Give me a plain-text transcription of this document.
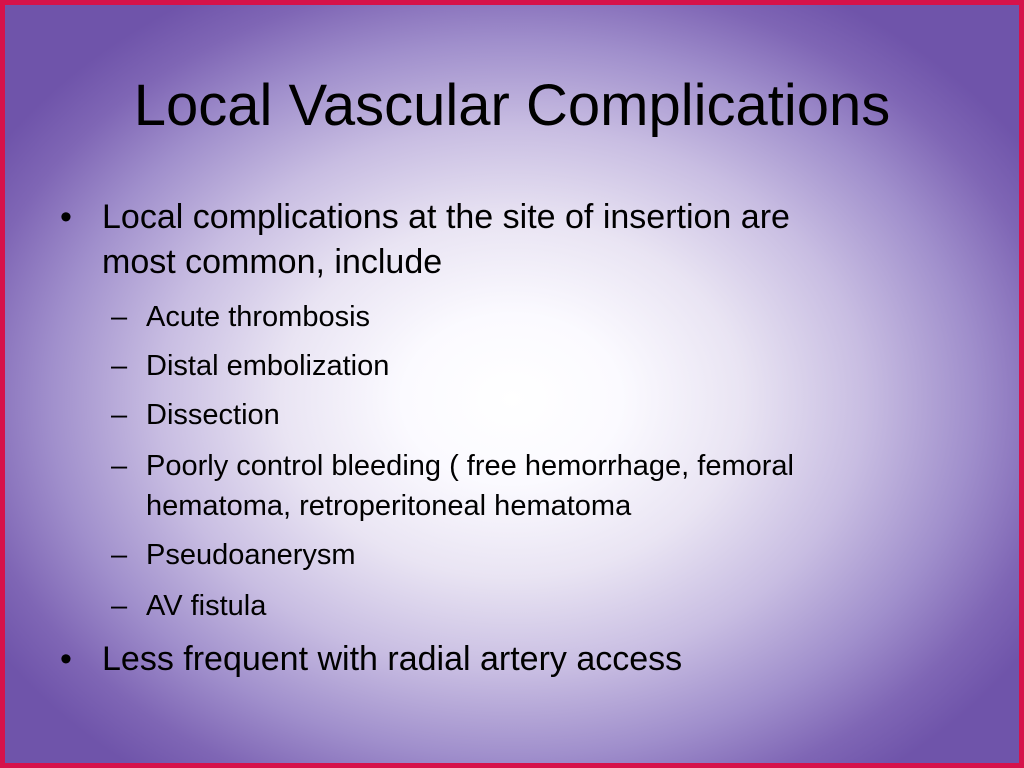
Local Vascular Complications
• Local complications at the site of insertion are
most common, include
– Acute thrombosis
– Distal embolization
– Dissection
– Poorly control bleeding ( free hemorrhage, femoral
hematoma, retroperitoneal hematoma
– Pseudoanerysm
– AV fistula
• Less frequent with radial artery access
